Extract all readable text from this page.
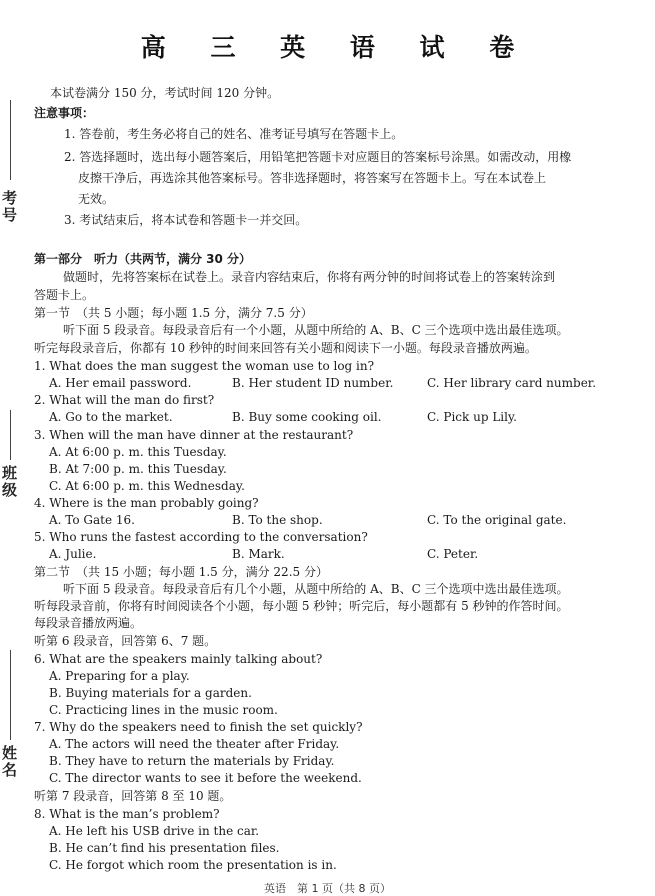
考号
班级
姓名
高 三 英 语 试 卷
本试卷满分 150 分，考试时间 120 分钟。
注意事项：
1. 答卷前，考生务必将自己的姓名、准考证号填写在答题卡上。
2. 答选择题时，选出每小题答案后，用铅笔把答题卡对应题目的答案标号涂黑。如需改动，用橡
皮擦干净后，再选涂其他答案标号。答非选择题时，将答案写在答题卡上。写在本试卷上
无效。
3. 考试结束后，将本试卷和答题卡一并交回。
第一部分　听力（共两节，满分 30 分）
做题时，先将答案标在试卷上。录音内容结束后，你将有两分钟的时间将试卷上的答案转涂到
答题卡上。
第一节　（共 5 小题；每小题 1.5 分，满分 7.5 分）
听下面 5 段录音。每段录音后有一个小题，从题中所给的 A、B、C 三个选项中选出最佳选项。
听完每段录音后，你都有 10 秒钟的时间来回答有关小题和阅读下一小题。每段录音播放两遍。
1. What does the man suggest the woman use to log in?
A. Her email password.	B. Her student ID number.	C. Her library card number.
2. What will the man do first?
A. Go to the market.	B. Buy some cooking oil.	C. Pick up Lily.
3. When will the man have dinner at the restaurant?
A. At 6:00 p. m. this Tuesday.
B. At 7:00 p. m. this Tuesday.
C. At 6:00 p. m. this Wednesday.
4. Where is the man probably going?
A. To Gate 16.	B. To the shop.	C. To the original gate.
5. Who runs the fastest according to the conversation?
A. Julie.	B. Mark.	C. Peter.
第二节　（共 15 小题；每小题 1.5 分，满分 22.5 分）
听下面 5 段录音。每段录音后有几个小题，从题中所给的 A、B、C 三个选项中选出最佳选项。
听每段录音前，你将有时间阅读各个小题，每小题 5 秒钟；听完后，每小题都有 5 秒钟的作答时间。
每段录音播放两遍。
听第 6 段录音，回答第 6、7 题。
6. What are the speakers mainly talking about?
A. Preparing for a play.
B. Buying materials for a garden.
C. Practicing lines in the music room.
7. Why do the speakers need to finish the set quickly?
A. The actors will need the theater after Friday.
B. They have to return the materials by Friday.
C. The director wants to see it before the weekend.
听第 7 段录音，回答第 8 至 10 题。
8. What is the man’s problem?
A. He left his USB drive in the car.
B. He can’t find his presentation files.
C. He forgot which room the presentation is in.
英语　第 1 页（共 8 页）
